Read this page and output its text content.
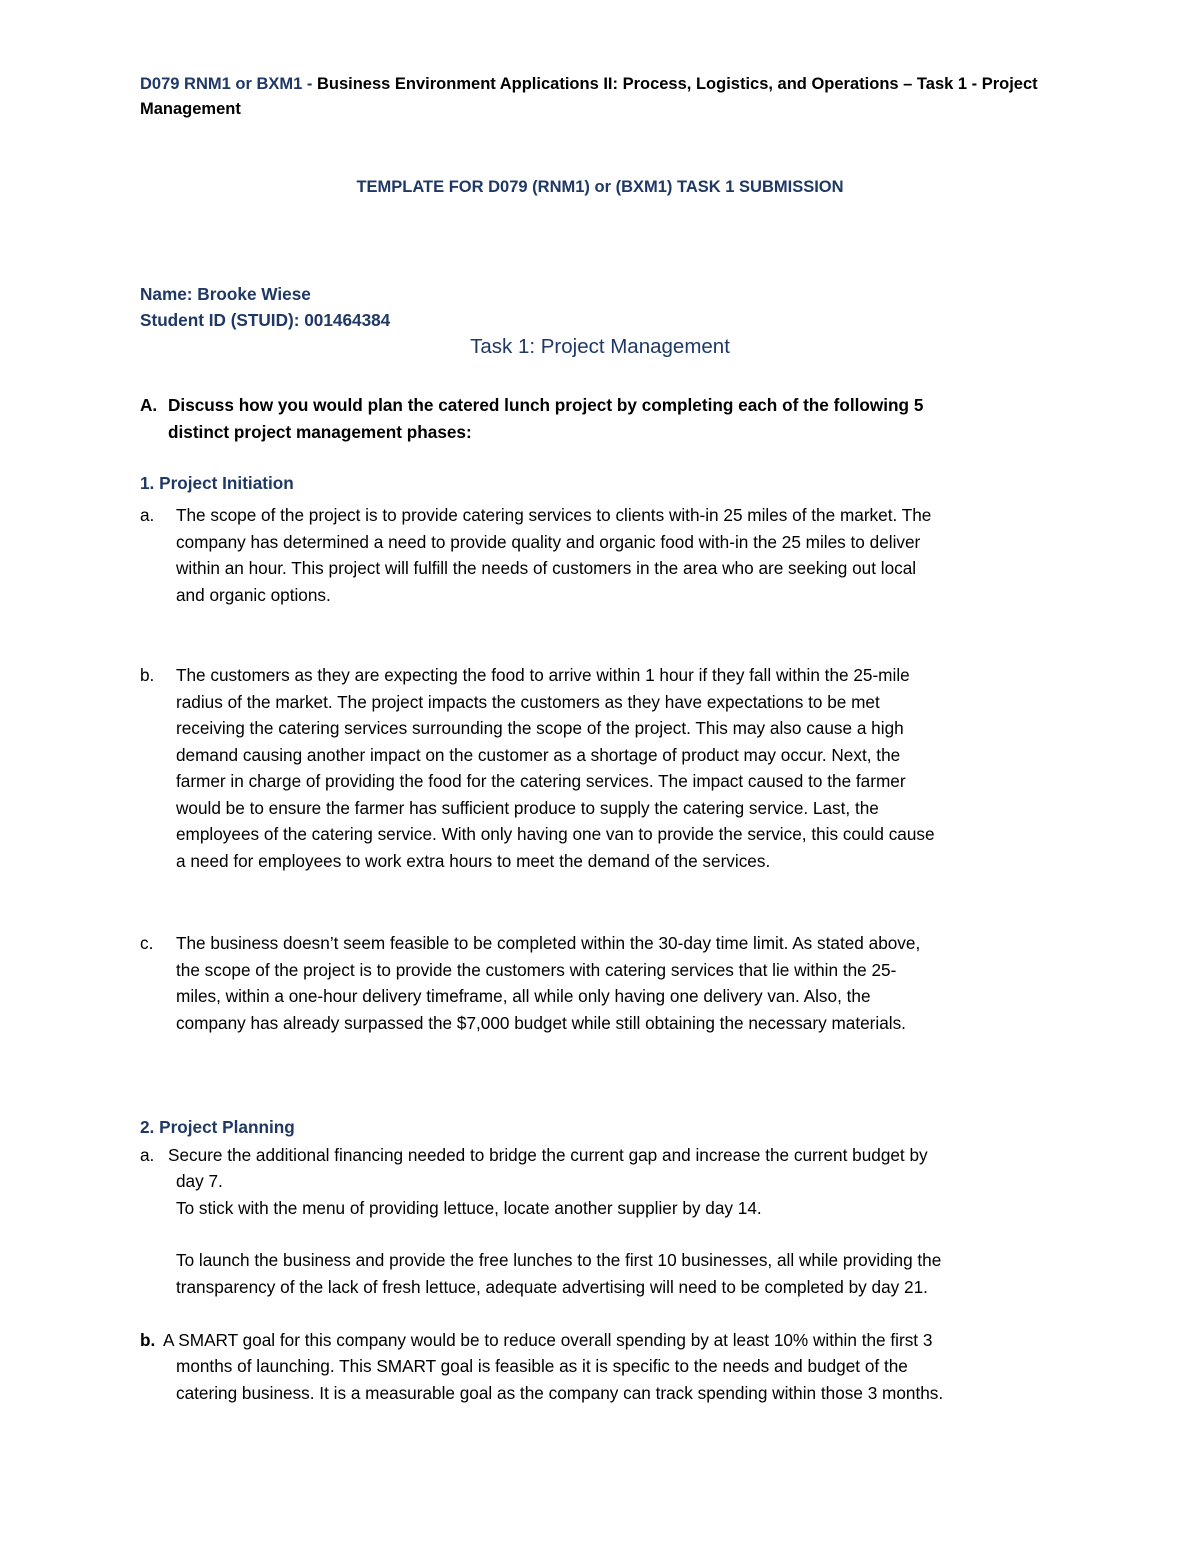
D079 RNM1 or BXM1 - Business Environment Applications II: Process, Logistics, and Operations – Task 1 - Project

Management

TEMPLATE FOR D079 (RNM1) or (BXM1) TASK 1 SUBMISSION

Name: Brooke Wiese

Student ID (STUID): 001464384

Task 1: Project Management

A. Discuss how you would plan the catered lunch project by completing each of the following 5
distinct project management phases:

1. Project Initiation

a. The scope of the project is to provide catering services to clients with-in 25 miles of the market. The
company has determined a need to provide quality and organic food with-in the 25 miles to deliver
within an hour. This project will fulfill the needs of customers in the area who are seeking out local
and organic options.

b. The customers as they are expecting the food to arrive within 1 hour if they fall within the 25-mile
radius of the market. The project impacts the customers as they have expectations to be met
receiving the catering services surrounding the scope of the project. This may also cause a high
demand causing another impact on the customer as a shortage of product may occur. Next, the
farmer in charge of providing the food for the catering services. The impact caused to the farmer
would be to ensure the farmer has sufficient produce to supply the catering service. Last, the
employees of the catering service. With only having one van to provide the service, this could cause
a need for employees to work extra hours to meet the demand of the services.

c. The business doesn’t seem feasible to be completed within the 30-day time limit. As stated above,
the scope of the project is to provide the customers with catering services that lie within the 25-
miles, within a one-hour delivery timeframe, all while only having one delivery van. Also, the
company has already surpassed the $7,000 budget while still obtaining the necessary materials.

2. Project Planning

a. Secure the additional financing needed to bridge the current gap and increase the current budget by

day 7.
To stick with the menu of providing lettuce, locate another supplier by day 14.

To launch the business and provide the free lunches to the first 10 businesses, all while providing the
transparency of the lack of fresh lettuce, adequate advertising will need to be completed by day 21.

b. A SMART goal for this company would be to reduce overall spending by at least 10% within the first 3

months of launching. This SMART goal is feasible as it is specific to the needs and budget of the
catering business. It is a measurable goal as the company can track spending within those 3 months.
